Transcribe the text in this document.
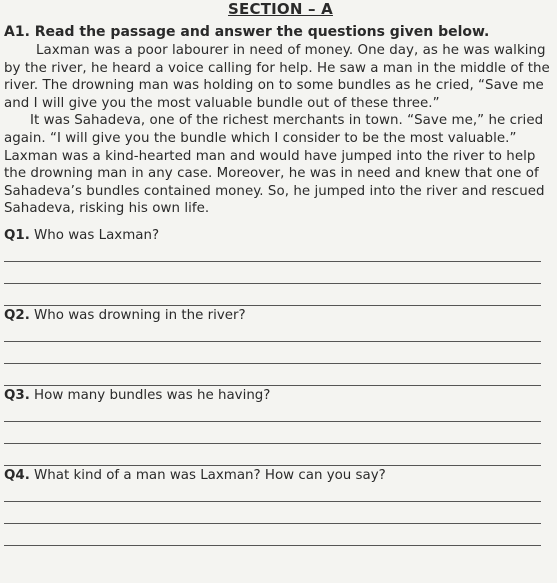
SECTION – A

A1. Read the passage and answer the questions given below.

Laxman was a poor labourer in need of money. One day, as he was walking by the river, he heard a voice calling for help. He saw a man in the middle of the river. The drowning man was holding on to some bundles as he cried, “Save me and I will give you the most valuable bundle out of these three.”

It was Sahadeva, one of the richest merchants in town. “Save me,” he cried again. “I will give you the bundle which I consider to be the most valuable.” Laxman was a kind-hearted man and would have jumped into the river to help the drowning man in any case. Moreover, he was in need and knew that one of Sahadeva’s bundles contained money. So, he jumped into the river and rescued Sahadeva, risking his own life.

Q1. Who was Laxman?

Q2. Who was drowning in the river?

Q3. How many bundles was he having?

Q4. What kind of a man was Laxman? How can you say?
